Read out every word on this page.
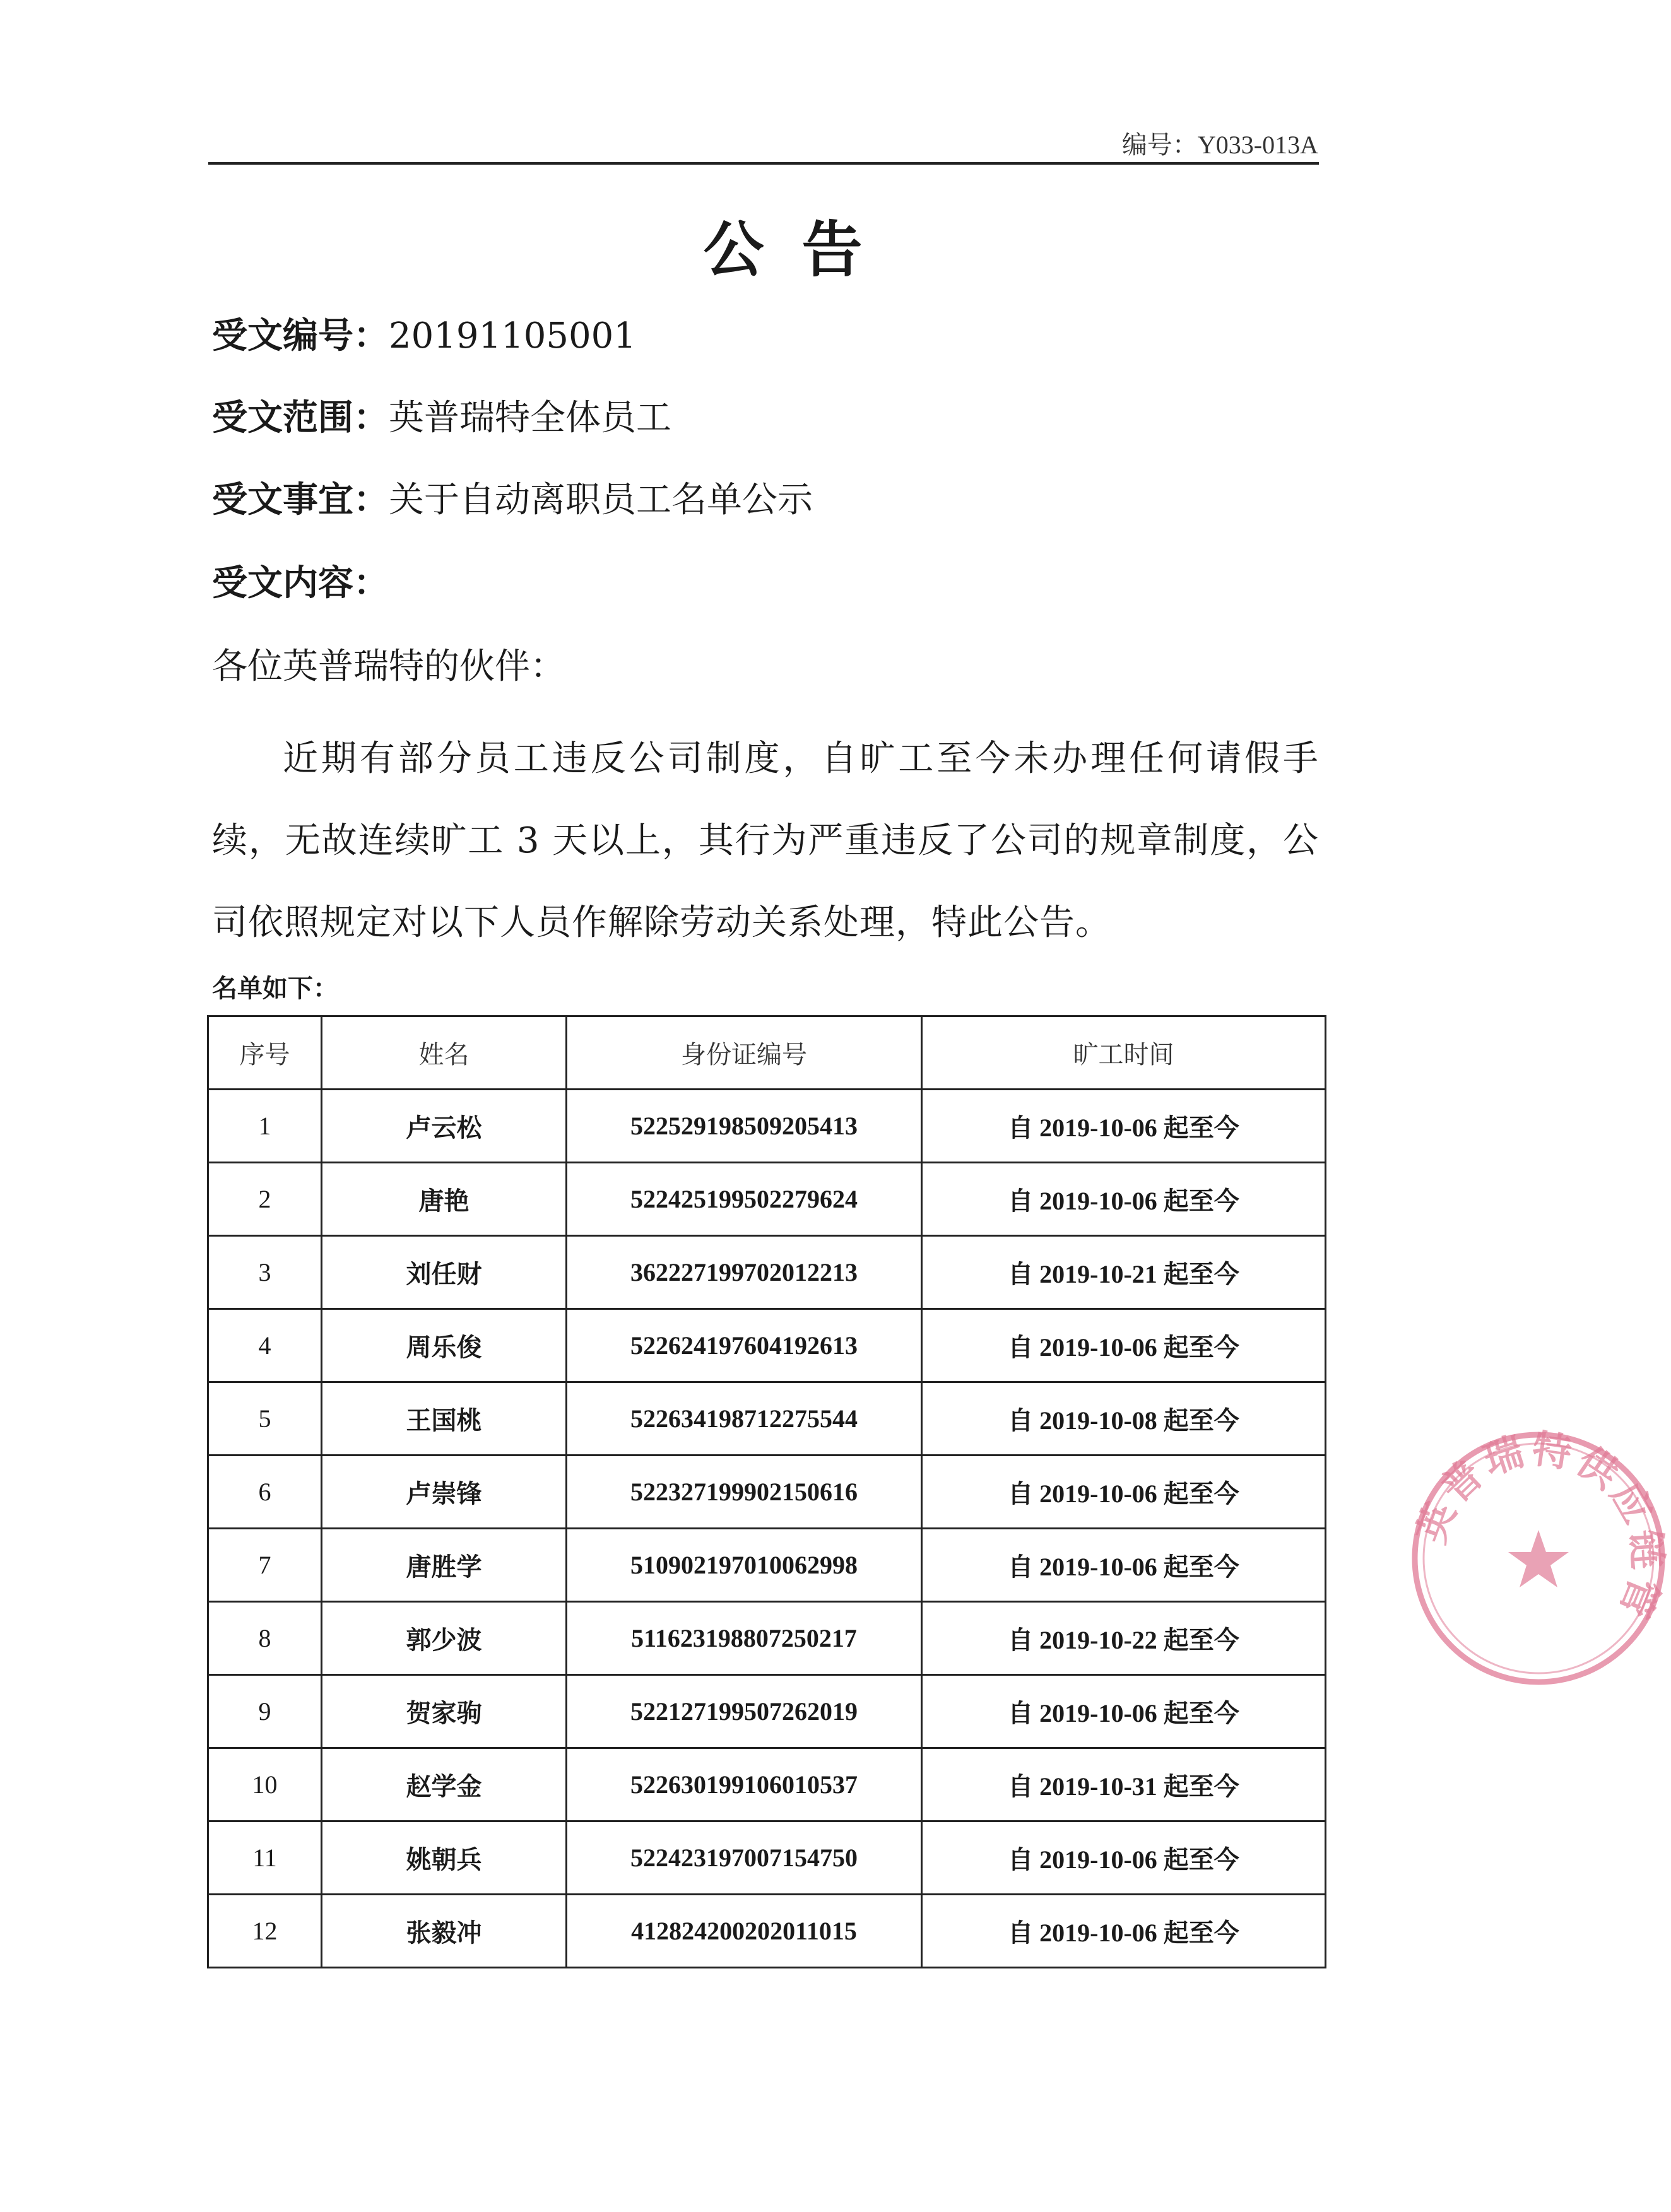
编号：Y033-013A
公告
受文编号：20191105001
受文范围：英普瑞特全体员工
受文事宜：关于自动离职员工名单公示
受文内容：
各位英普瑞特的伙伴：
近期有部分员工违反公司制度，自旷工至今未办理任何请假手续，无故连续旷工 3 天以上，其行为严重违反了公司的规章制度，公司依照规定对以下人员作解除劳动关系处理，特此公告。
名单如下：
序号	姓名	身份证编号	旷工时间
1	卢云松	522529198509205413	自 2019-10-06 起至今
2	唐艳	522425199502279624	自 2019-10-06 起至今
3	刘任财	362227199702012213	自 2019-10-21 起至今
4	周乐俊	522624197604192613	自 2019-10-06 起至今
5	王国桃	522634198712275544	自 2019-10-08 起至今
6	卢崇锋	522327199902150616	自 2019-10-06 起至今
7	唐胜学	510902197010062998	自 2019-10-06 起至今
8	郭少波	511623198807250217	自 2019-10-22 起至今
9	贺家驹	522127199507262019	自 2019-10-06 起至今
10	赵学金	522630199106010537	自 2019-10-31 起至今
11	姚朝兵	522423197007154750	自 2019-10-06 起至今
12	张毅冲	412824200202011015	自 2019-10-06 起至今
英普瑞特供应链管
